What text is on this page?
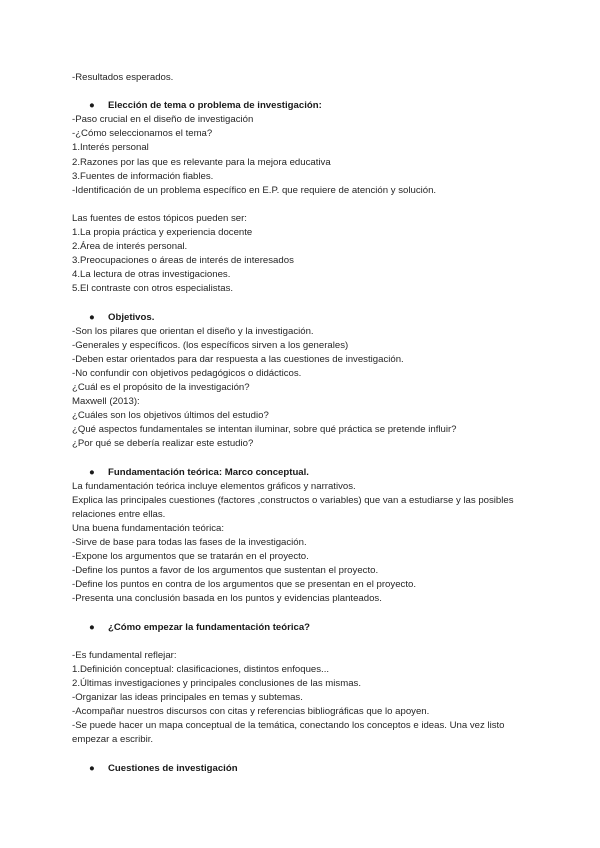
-Resultados esperados.
● Elección de tema o problema de investigación:
-Paso crucial en el diseño de investigación
-¿Cómo seleccionamos el tema?
1.Interés personal
2.Razones por las que es relevante para la mejora educativa
3.Fuentes de información fiables.
-Identificación de un problema específico en E.P. que requiere de atención y solución.
Las fuentes de estos tópicos pueden ser:
1.La propia práctica y experiencia docente
2.Área de interés personal.
3.Preocupaciones o áreas de interés de interesados
4.La lectura de otras investigaciones.
5.El contraste con otros especialistas.
● Objetivos.
-Son los pilares que orientan el diseño y la investigación.
-Generales y específicos. (los específicos sirven a los generales)
-Deben estar orientados para dar respuesta a las cuestiones de investigación.
-No confundir con objetivos pedagógicos o didácticos.
¿Cuál es el propósito de la investigación?
Maxwell (2013):
¿Cuáles son los objetivos últimos del estudio?
¿Qué aspectos fundamentales se intentan iluminar, sobre qué práctica se pretende influir?
¿Por qué se debería realizar este estudio?
● Fundamentación teórica: Marco conceptual.
La fundamentación teórica incluye elementos gráficos y narrativos.
Explica las principales cuestiones (factores ,constructos o variables) que van a estudiarse y las posibles
relaciones entre ellas.
Una buena fundamentación teórica:
-Sirve de base para todas las fases de la investigación.
-Expone los argumentos que se tratarán en el proyecto.
-Define los puntos a favor de los argumentos que sustentan el proyecto.
-Define los puntos en contra de los argumentos que se presentan en el proyecto.
-Presenta una conclusión basada en los puntos y evidencias planteados.
● ¿Cómo empezar la fundamentación teórica?
-Es fundamental reflejar:
1.Definición conceptual: clasificaciones, distintos enfoques...
2.Últimas investigaciones y principales conclusiones de las mismas.
-Organizar las ideas principales en temas y subtemas.
-Acompañar nuestros discursos con citas y referencias bibliográficas que lo apoyen.
-Se puede hacer un mapa conceptual de la temática, conectando los conceptos e ideas. Una vez listo
empezar a escribir.
● Cuestiones de investigación
